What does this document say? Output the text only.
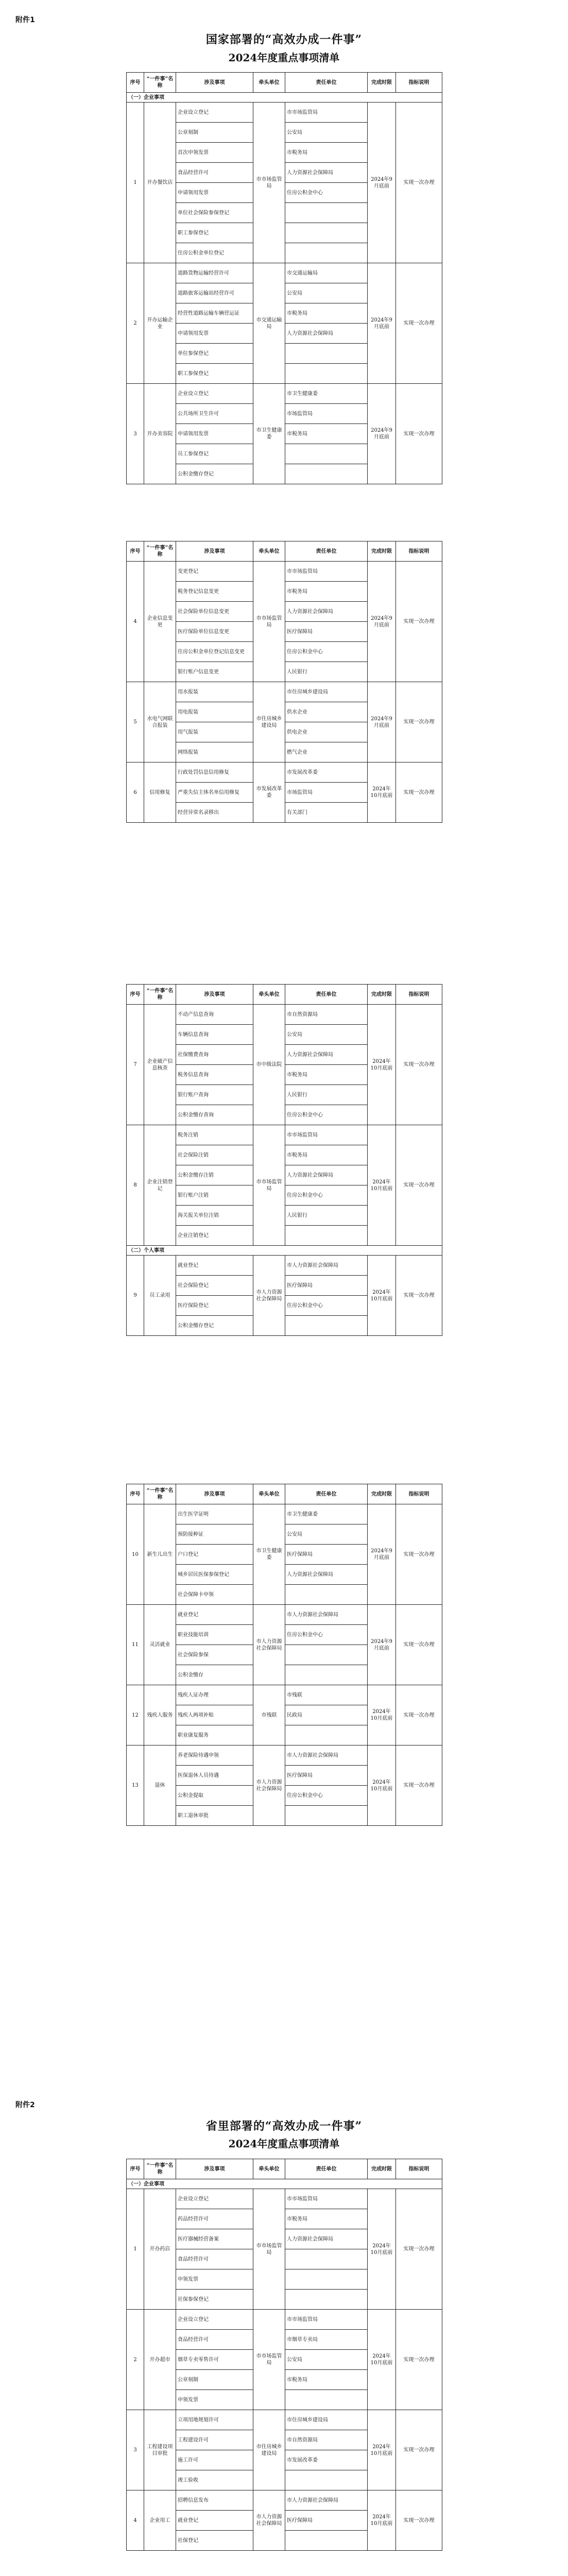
附件1
国家部署的“高效办成一件事”
2024年度重点事项清单
序号	“一件事”名称	涉及事项	牵头单位	责任单位	完成时限	指标说明
（一）企业事项						
1	开办餐饮店	企业设立登记	市市场监管局	市市场监管局	2024年9月底前	实现一次办理
		公章刻制		公安局		
		首次申领发票		市税务局		
		食品经营许可		人力资源社会保障局		
		申请领用发票		住房公积金中心		
		单位社会保险参保登记				
		职工参保登记				
		住房公积金单位登记				
2	开办运输企业	道路货物运输经营许可	市交通运输局	市交通运输局	2024年9月底前	实现一次办理
		道路旅客运输站经营许可		公安局		
		经营性道路运输车辆营运证		市税务局		
		申请领用发票		人力资源社会保障局		
		单位参保登记				
		职工参保登记				
3	开办美容院	企业设立登记	市卫生健康委	市卫生健康委	2024年9月底前	实现一次办理
		公共场所卫生许可		市场监管局		
		申请领用发票		市税务局		
		员工参保登记				
		公积金缴存登记				
序号	“一件事”名称	涉及事项	牵头单位	责任单位	完成时限	指标说明
4	企业信息变更	变更登记	市市场监管局	市市场监管局	2024年9月底前	实现一次办理
		税务登记信息变更		市税务局		
		社会保险单位信息变更		人力资源社会保障局		
		医疗保险单位信息变更		医疗保障局		
		住房公积金单位登记信息变更		住房公积金中心		
		银行账户信息变更		人民银行		
5	水电气网联合报装	用水报装	市住房城乡建设局	市住房城乡建设局	2024年9月底前	实现一次办理
		用电报装		供水企业		
		用气报装		供电企业		
		网络报装		燃气企业		
6	信用修复	行政处罚信息信用修复	市发展改革委	市发展改革委	2024年10月底前	实现一次办理
		严重失信主体名单信用修复		市场监管局		
		经营异常名录移出		有关部门		
序号	“一件事”名称	涉及事项	牵头单位	责任单位	完成时限	指标说明
7	企业破产信息核查	不动产信息查询	市中级法院	市自然资源局	2024年10月底前	实现一次办理
		车辆信息查询		公安局		
		社保缴费查询		人力资源社会保障局		
		税务信息查询		市税务局		
		银行账户查询		人民银行		
		公积金缴存查询		住房公积金中心		
8	企业注销登记	税务注销	市市场监管局	市市场监管局	2024年10月底前	实现一次办理
		社会保险注销		市税务局		
		公积金缴存注销		人力资源社会保障局		
		银行账户注销		住房公积金中心		
		海关报关单位注销		人民银行		
		企业注销登记				
（二）个人事项						
9	员工录用	就业登记	市人力资源社会保障局	市人力资源社会保障局	2024年10月底前	实现一次办理
		社会保险登记		医疗保障局		
		医疗保险登记		住房公积金中心		
		公积金缴存登记				
序号	“一件事”名称	涉及事项	牵头单位	责任单位	完成时限	指标说明
10	新生儿出生	出生医学证明	市卫生健康委	市卫生健康委	2024年9月底前	实现一次办理
		预防接种证		公安局		
		户口登记		医疗保障局		
		城乡居民医保参保登记		人力资源社会保障局		
		社会保障卡申领				
11	灵活就业	就业登记	市人力资源社会保障局	市人力资源社会保障局	2024年9月底前	实现一次办理
		职业技能培训		住房公积金中心		
		社会保险参保				
		公积金缴存				
12	残疾人服务	残疾人证办理	市残联	市残联	2024年10月底前	实现一次办理
		残疾人两项补贴		民政局		
		职业康复服务				
13	退休	养老保险待遇申领	市人力资源社会保障局	市人力资源社会保障局	2024年10月底前	实现一次办理
		医保退休人员待遇		医疗保障局		
		公积金提取		住房公积金中心		
		职工退休审批				
附件2
省里部署的“高效办成一件事”
2024年度重点事项清单
序号	“一件事”名称	涉及事项	牵头单位	责任单位	完成时限	指标说明
（一）企业事项						
1	开办药店	企业设立登记	市市场监管局	市市场监管局	2024年10月底前	实现一次办理
		药品经营许可		市税务局		
		医疗器械经营备案		人力资源社会保障局		
		食品经营许可				
		申领发票				
		社保参保登记				
2	开办超市	企业设立登记	市市场监管局	市市场监管局	2024年10月底前	实现一次办理
		食品经营许可		市烟草专卖局		
		烟草专卖零售许可		公安局		
		公章刻制		市税务局		
		申领发票				
3	工程建设项目审批	立项用地规划许可	市住房城乡建设局	市住房城乡建设局	2024年10月底前	实现一次办理
		工程建设许可		市自然资源局		
		施工许可		市发展改革委		
		竣工验收				
4	企业用工	招聘信息发布	市人力资源社会保障局	市人力资源社会保障局	2024年10月底前	实现一次办理
		就业登记		医疗保障局		
		社保登记				
